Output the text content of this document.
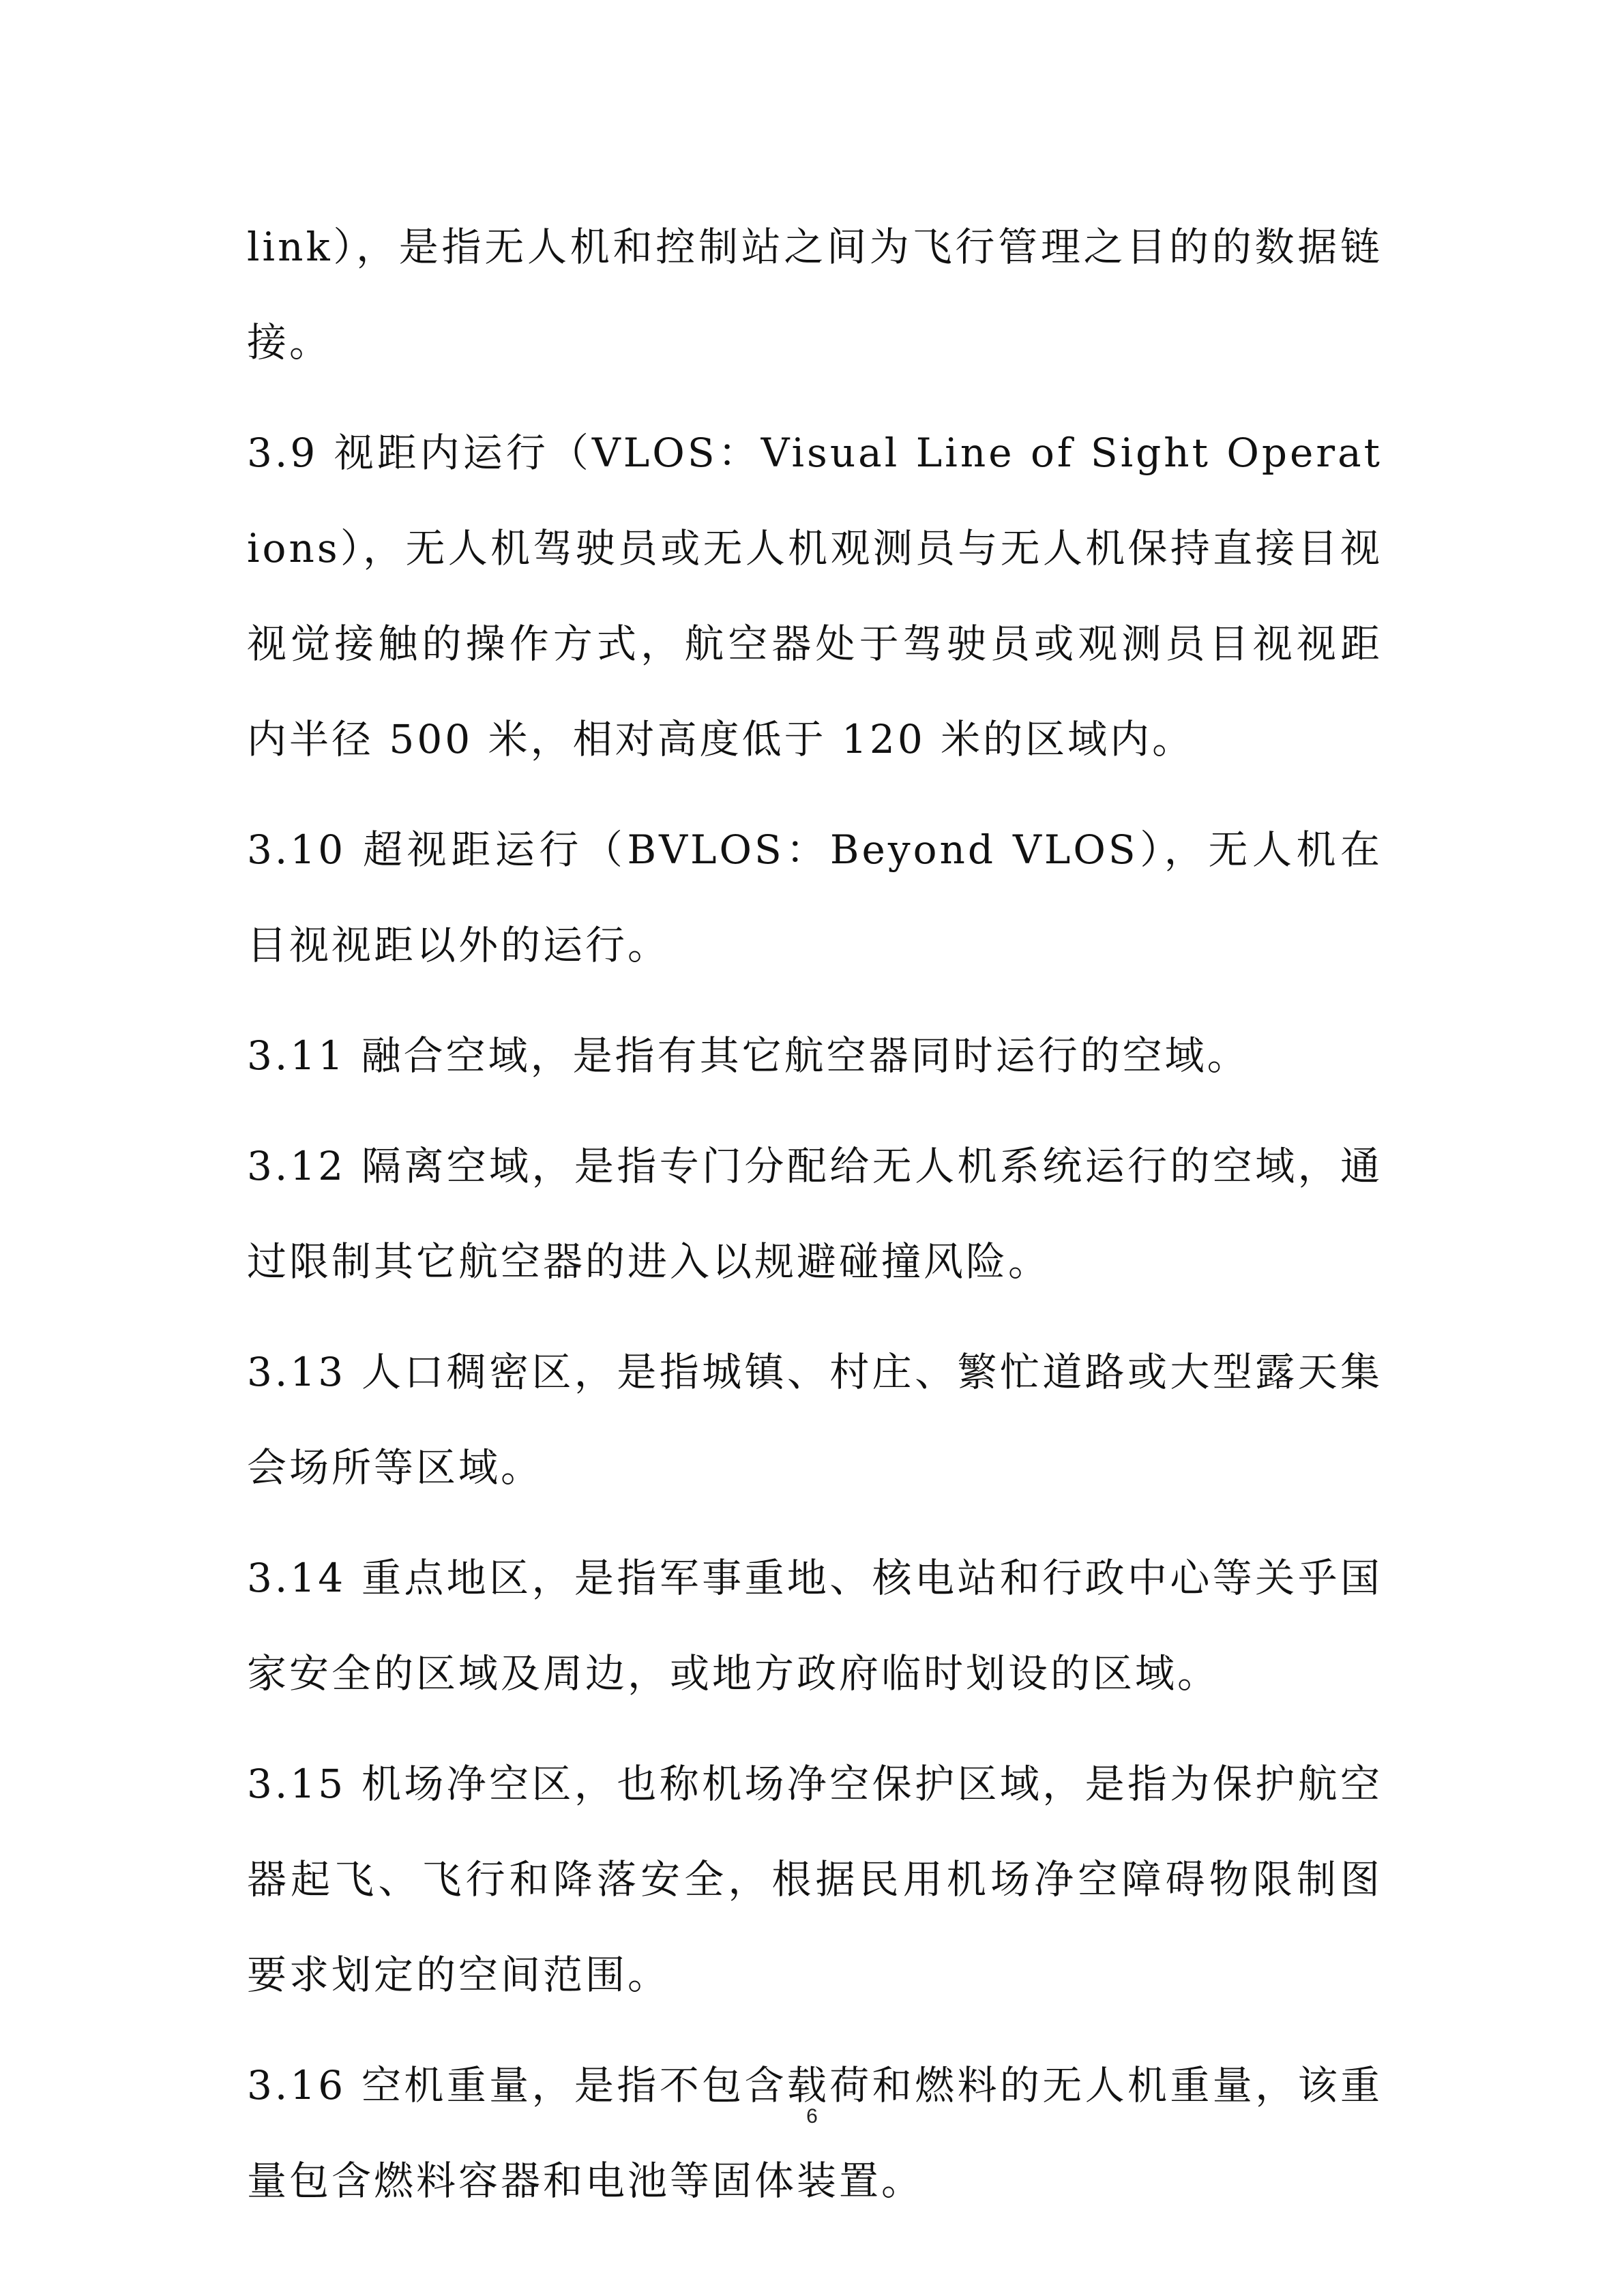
link），是指无人机和控制站之间为飞行管理之目的的数据链接。

3.9 视距内运行（VLOS：Visual Line of Sight Operations），无人机驾驶员或无人机观测员与无人机保持直接目视视觉接触的操作方式，航空器处于驾驶员或观测员目视视距内半径 500 米，相对高度低于 120 米的区域内。

3.10 超视距运行（BVLOS：Beyond VLOS），无人机在目视视距以外的运行。

3.11 融合空域，是指有其它航空器同时运行的空域。

3.12 隔离空域，是指专门分配给无人机系统运行的空域，通过限制其它航空器的进入以规避碰撞风险。

3.13 人口稠密区，是指城镇、村庄、繁忙道路或大型露天集会场所等区域。

3.14 重点地区，是指军事重地、核电站和行政中心等关乎国家安全的区域及周边，或地方政府临时划设的区域。

3.15 机场净空区，也称机场净空保护区域，是指为保护航空器起飞、飞行和降落安全，根据民用机场净空障碍物限制图要求划定的空间范围。

3.16 空机重量，是指不包含载荷和燃料的无人机重量，该重量包含燃料容器和电池等固体装置。

6
